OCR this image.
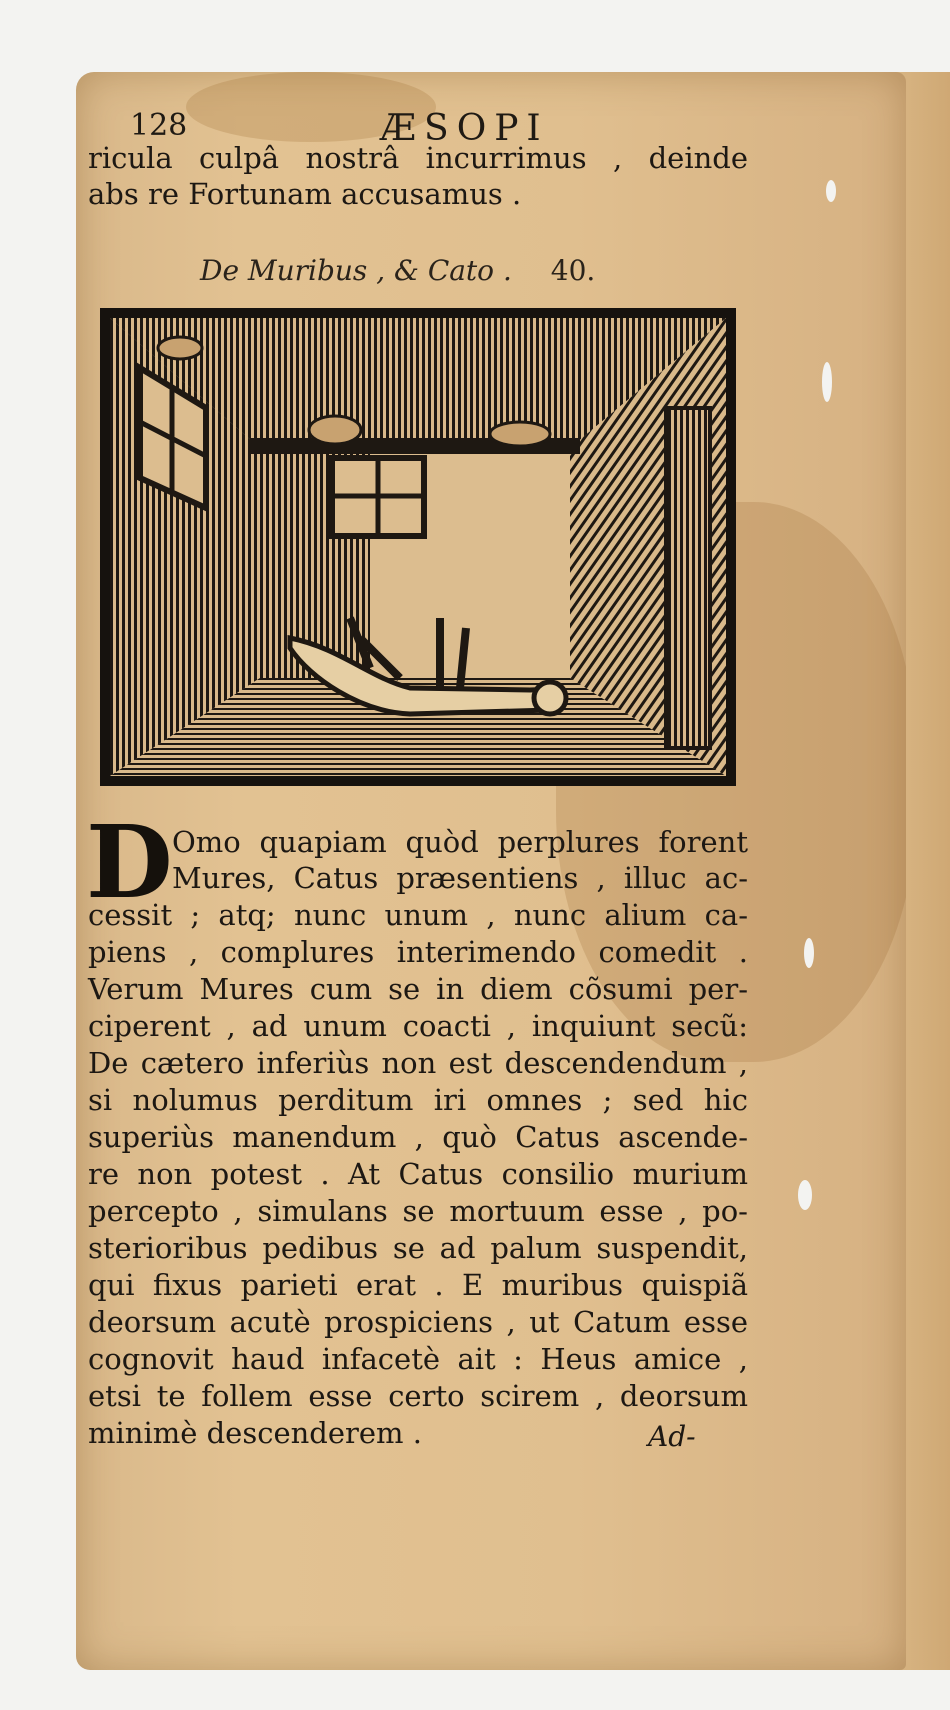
128	ÆSOPI
ricula culpâ nostrâ incurrimus , deinde
abs re Fortunam accusamus .
De Muribus , & Cato . 40.
D Omo quapiam quòd perplures forent
Mures, Catus præsentiens , illuc ac-
cessit ; atq; nunc unum , nunc alium ca-
piens , complures interimendo comedit .
Verum Mures cum se in diem cõsumi per-
ciperent , ad unum coacti , inquiunt secũ:
De cætero inferiùs non est descendendum ,
si nolumus perditum iri omnes ; sed hic
superiùs manendum , quò Catus ascende-
re non potest . At Catus consilio murium
percepto , simulans se mortuum esse , po-
sterioribus pedibus se ad palum suspendit,
qui fixus parieti erat . E muribus quispiã
deorsum acutè prospiciens , ut Catum esse
cognovit haud infacetè ait : Heus amice ,
etsi te follem esse certo scirem , deorsum
minimè descenderem .	Ad-
